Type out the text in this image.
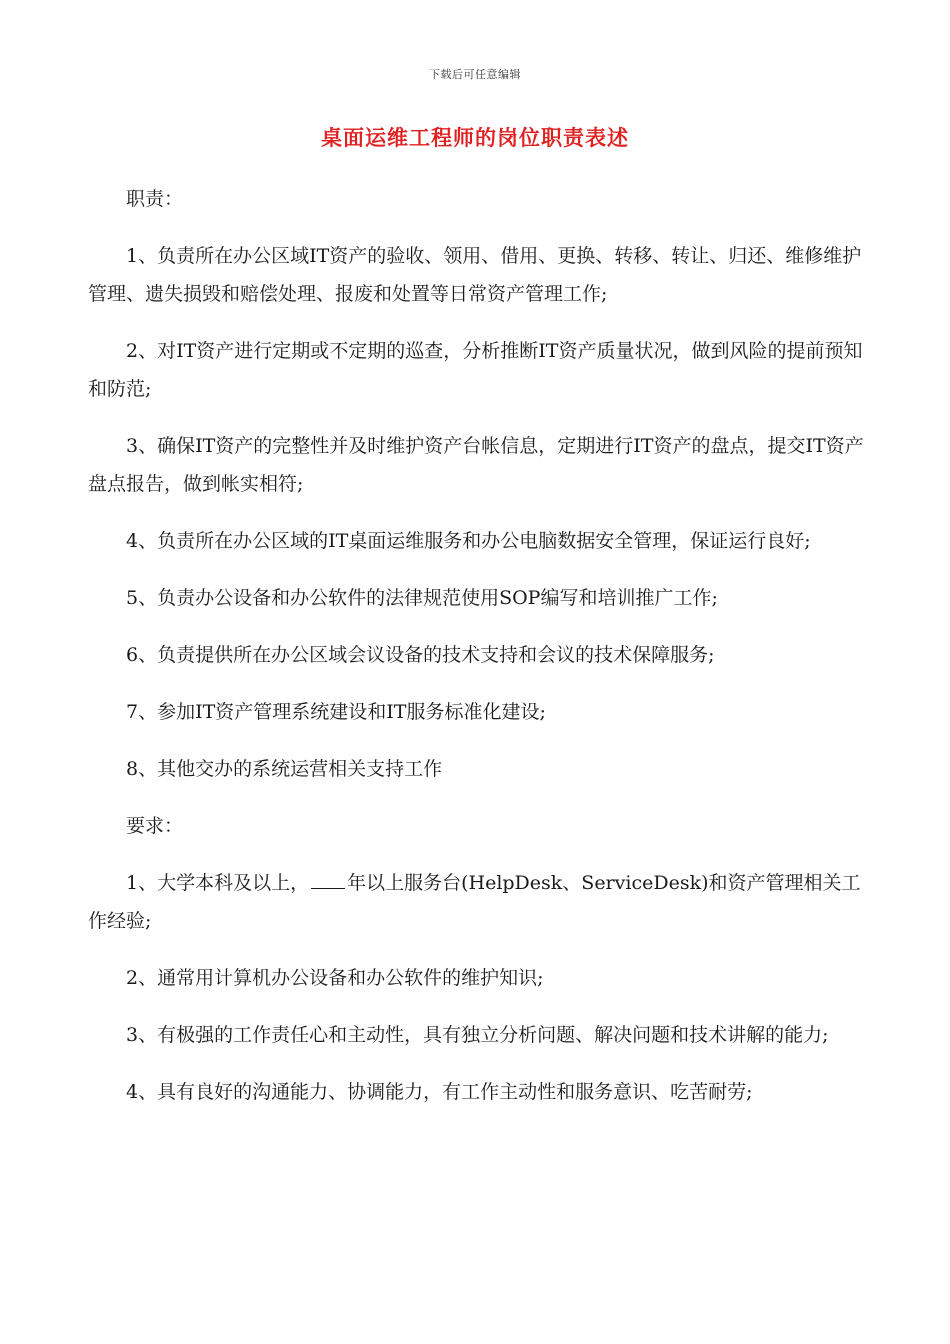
下载后可任意编辑
桌面运维工程师的岗位职责表述

职责：

1、负责所在办公区域IT资产的验收、领用、借用、更换、转移、转让、归还、维修维护管理、遗失损毁和赔偿处理、报废和处置等日常资产管理工作;

2、对IT资产进行定期或不定期的巡查，分析推断IT资产质量状况，做到风险的提前预知和防范;

3、确保IT资产的完整性并及时维护资产台帐信息，定期进行IT资产的盘点，提交IT资产盘点报告，做到帐实相符;

4、负责所在办公区域的IT桌面运维服务和办公电脑数据安全管理，保证运行良好;

5、负责办公设备和办公软件的法律规范使用SOP编写和培训推广工作;

6、负责提供所在办公区域会议设备的技术支持和会议的技术保障服务;

7、参加IT资产管理系统建设和IT服务标准化建设;

8、其他交办的系统运营相关支持工作

要求：

1、大学本科及以上， 年以上服务台(HelpDesk、ServiceDesk)和资产管理相关工作经验;

2、通常用计算机办公设备和办公软件的维护知识;

3、有极强的工作责任心和主动性，具有独立分析问题、解决问题和技术讲解的能力;

4、具有良好的沟通能力、协调能力，有工作主动性和服务意识、吃苦耐劳;
